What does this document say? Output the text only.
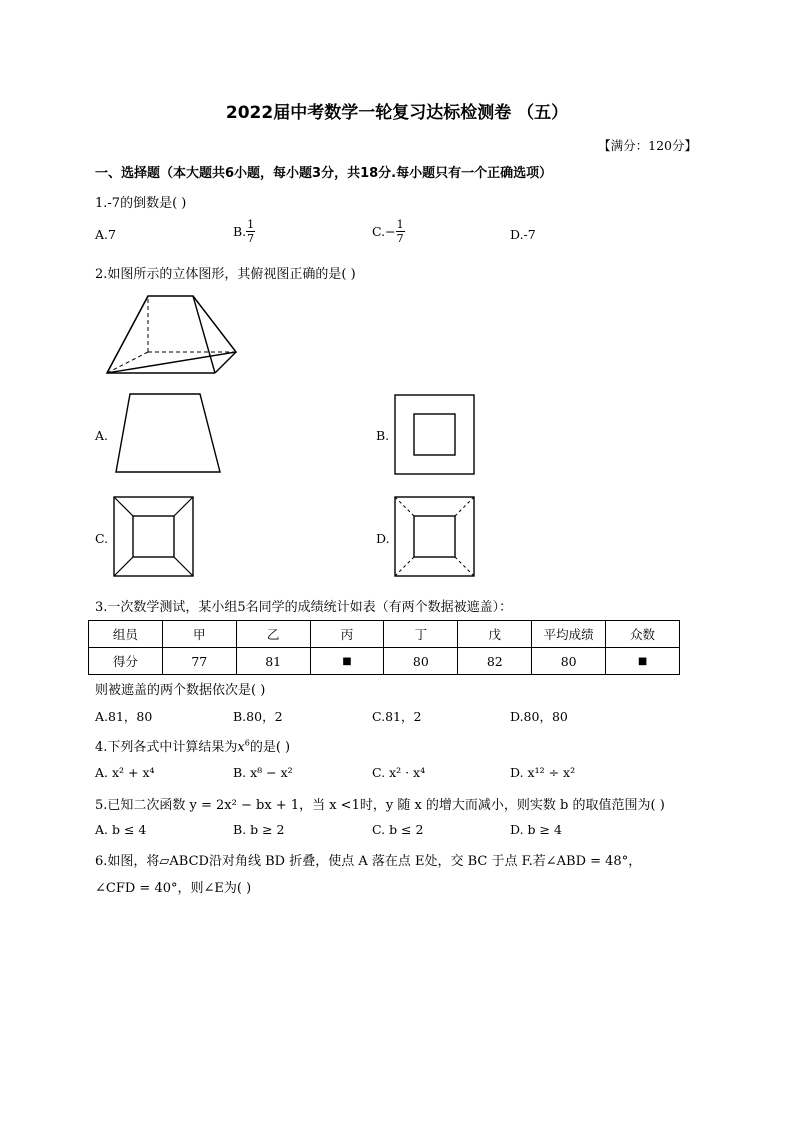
2022届中考数学一轮复习达标检测卷 （五）
【满分：120分】
一、选择题（本大题共6小题，每小题3分，共18分.每小题只有一个正确选项）
1.-7的倒数是( )
A.7	B. $\frac{1}{7}$	$C.- \frac{1}{7}$	D.-7
2.如图所示的立体图形，其俯视图正确的是( )
A.	B.
C.	D.
3.一次数学测试，某小组5名同学的成绩统计如表（有两个数据被遮盖）：
组员	甲	乙	丙	丁	戊	平均成绩	众数
得分	77	81	■	80	82	80	■
则被遮盖的两个数据依次是( )
A.81，80	B.80，2	C.81，2	D.80，80
4.下列各式中计算结果为$x^6$的是( )
A. x² + x⁴	B. x⁸ − x²	C. x² · x⁴	D. x¹² ÷ x²
5.已知二次函数 y = 2x² − bx + 1，当 x <1时，y 随 x 的增大而减小，则实数 b 的取值范围为( )
A. b ≤ 4	B. b ≥ 2	C. b ≤ 2	D. b ≥ 4
6.如图，将▱ABCD沿对角线 BD 折叠，使点 A 落在点 E处，交 BC 于点 F.若∠ABD = 48°，
∠CFD = 40°，则∠E为( )
